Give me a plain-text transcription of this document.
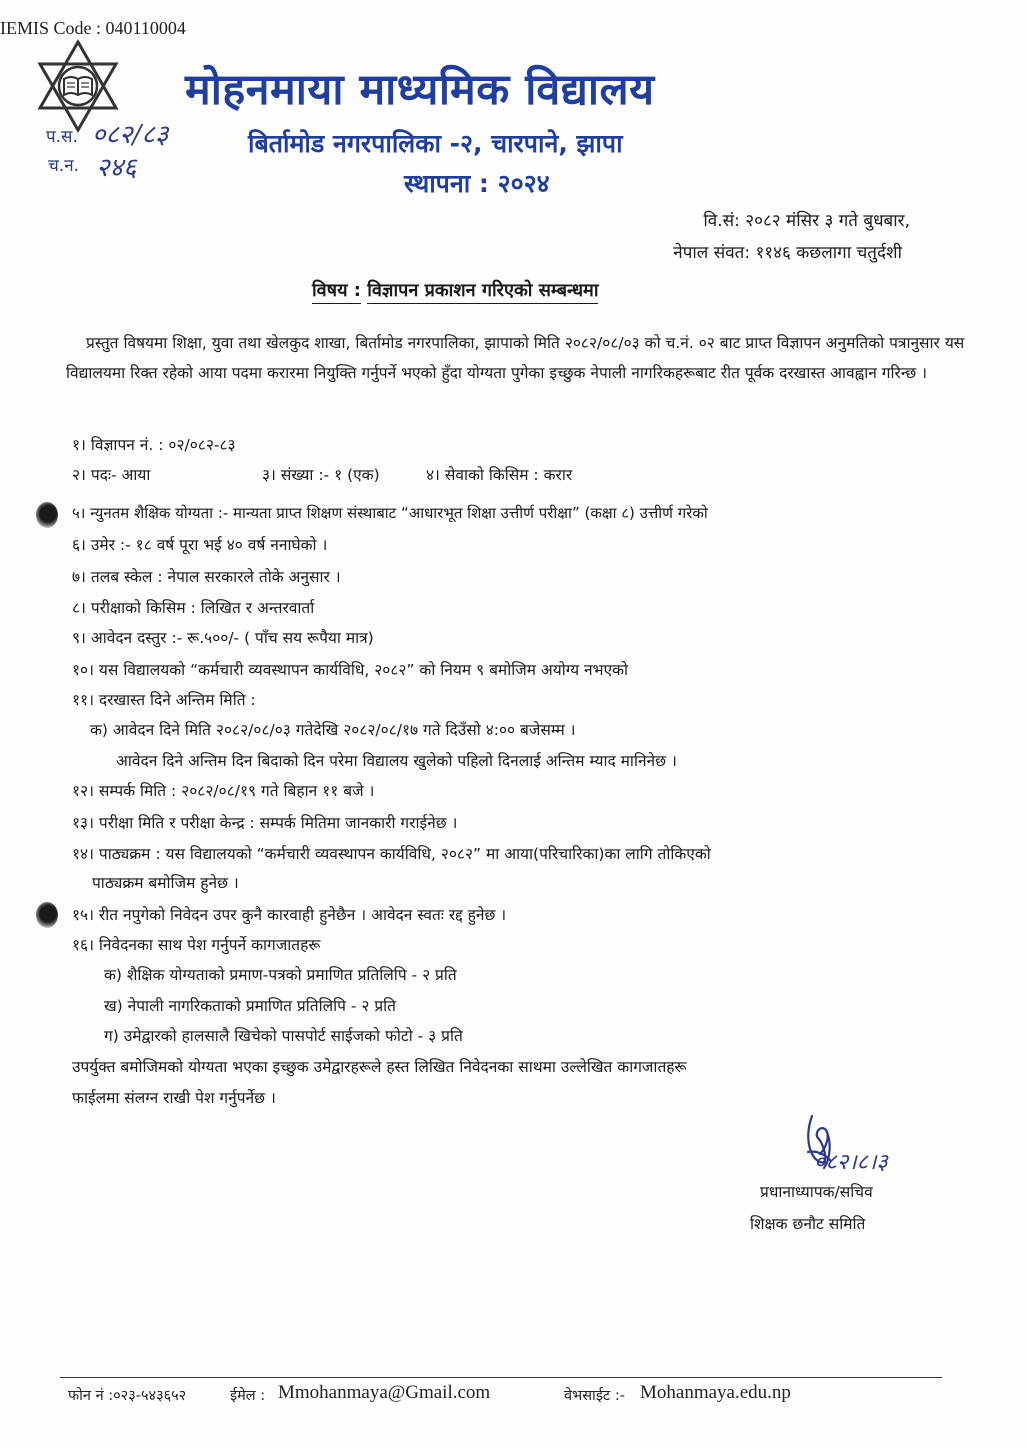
IEMIS Code : 040110004
मोहनमाया माध्यमिक विद्यालय
बिर्तामोड नगरपालिका -२, चारपाने, झापा
स्थापना : २०२४
प.स. ०८२/८३
च.न. २४६
वि.सं: २०८२ मंसिर ३ गते बुधबार,
नेपाल संवत: ११४६ कछलागा चतुर्दशी
विषय : विज्ञापन प्रकाशन गरिएको सम्बन्धमा
प्रस्तुत विषयमा शिक्षा, युवा तथा खेलकुद शाखा, बिर्तामोड नगरपालिका, झापाको मिति २०८२/०८/०३ को च.नं. ०२ बाट प्राप्त विज्ञापन अनुमतिको पत्रानुसार यस विद्यालयमा रिक्त रहेको आया पदमा करारमा नियुक्ति गर्नुपर्ने भएको हुँदा योग्यता पुगेका इच्छुक नेपाली नागरिकहरूबाट रीत पूर्वक दरखास्त आवह्वान गरिन्छ ।
१। विज्ञापन नं. : ०२/०८२-८३
२। पदः- आया	३। संख्या :- १ (एक)	४। सेवाको किसिम : करार
५। न्युनतम शैक्षिक योग्यता :- मान्यता प्राप्त शिक्षण संस्थाबाट “आधारभूत शिक्षा उत्तीर्ण परीक्षा” (कक्षा ८) उत्तीर्ण गरेको
६। उमेर :- १८ वर्ष पूरा भई ४० वर्ष ननाघेको ।
७। तलब स्केल : नेपाल सरकारले तोके अनुसार ।
८। परीक्षाको किसिम : लिखित र अन्तरवार्ता
९। आवेदन दस्तुर :- रू.५००/- ( पाँच सय रूपैया मात्र)
१०। यस विद्यालयको “कर्मचारी व्यवस्थापन कार्यविधि, २०८२” को नियम ९ बमोजिम अयोग्य नभएको
११। दरखास्त दिने अन्तिम मिति :
क) आवेदन दिने मिति २०८२/०८/०३ गतेदेखि २०८२/०८/१७ गते दिउँसो ४:०० बजेसम्म ।
आवेदन दिने अन्तिम दिन बिदाको दिन परेमा विद्यालय खुलेको पहिलो दिनलाई अन्तिम म्याद मानिनेछ ।
१२। सम्पर्क मिति : २०८२/०८/१९ गते बिहान ११ बजे ।
१३। परीक्षा मिति र परीक्षा केन्द्र : सम्पर्क मितिमा जानकारी गराईनेछ ।
१४। पाठ्यक्रम : यस विद्यालयको “कर्मचारी व्यवस्थापन कार्यविधि, २०८२” मा आया(परिचारिका)का लागि तोकिएको
पाठ्यक्रम बमोजिम हुनेछ ।
१५। रीत नपुगेको निवेदन उपर कुनै कारवाही हुनेछैन । आवेदन स्वतः रद्द हुनेछ ।
१६। निवेदनका साथ पेश गर्नुपर्ने कागजातहरू
क) शैक्षिक योग्यताको प्रमाण-पत्रको प्रमाणित प्रतिलिपि - २ प्रति
ख) नेपाली नागरिकताको प्रमाणित प्रतिलिपि - २ प्रति
ग) उमेद्वारको हालसालै खिचेको पासपोर्ट साईजको फोटो - ३ प्रति
उपर्युक्त बमोजिमको योग्यता भएका इच्छुक उमेद्वारहरूले हस्त लिखित निवेदनका साथमा उल्लेखित कागजातहरू
फाईलमा संलग्न राखी पेश गर्नुपर्नेछ ।
०८२।८।३
प्रधानाध्यापक/सचिव
शिक्षक छनौट समिति
फोन नं :०२३-५४३६५२	ईमेल : Mmohanmaya@Gmail.com	वेभसाईट :- Mohanmaya.edu.np
